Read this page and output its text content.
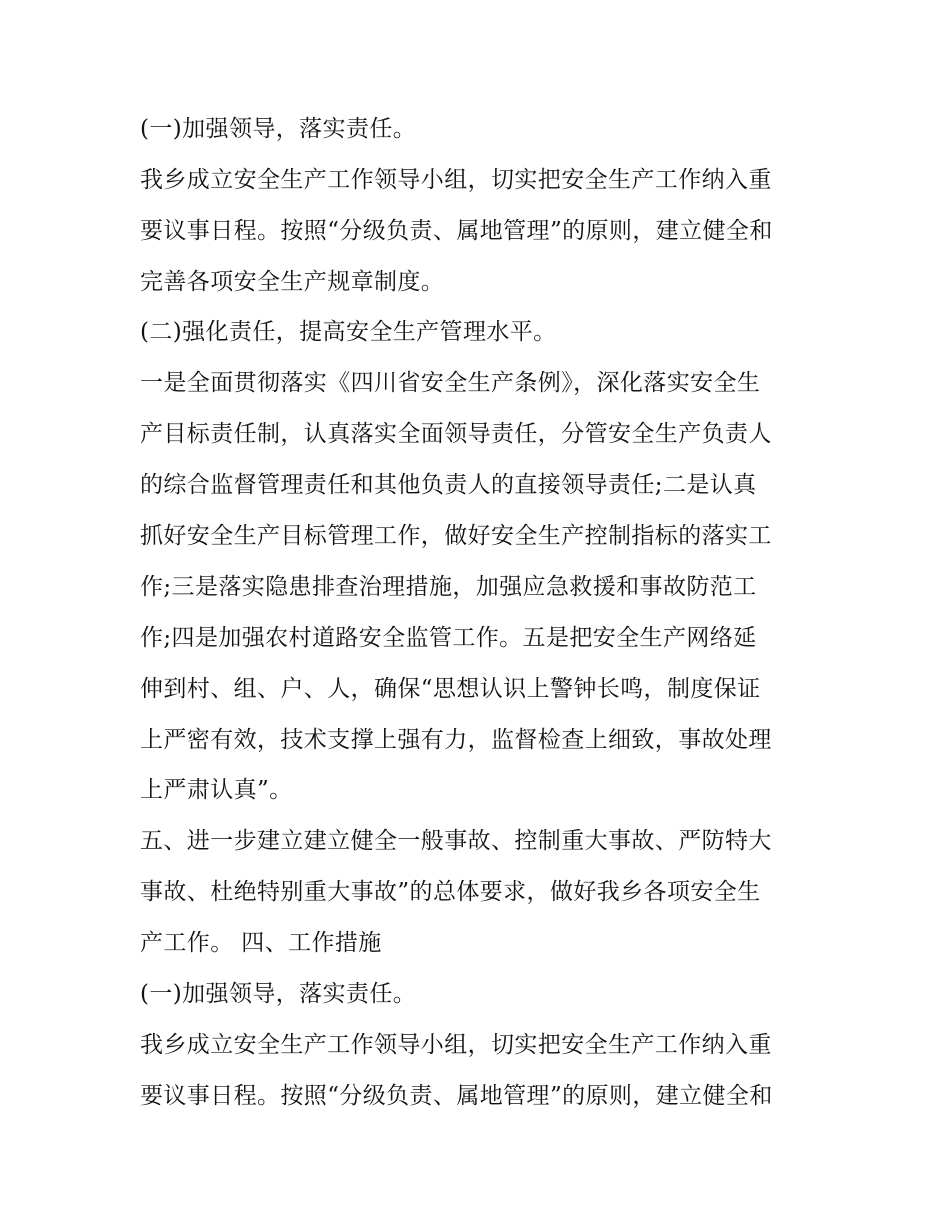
(一)加强领导，落实责任。
我乡成立安全生产工作领导小组，切实把安全生产工作纳入重
要议事日程。按照“分级负责、属地管理”的原则，建立健全和
完善各项安全生产规章制度。
(二)强化责任，提高安全生产管理水平。
一是全面贯彻落实《四川省安全生产条例》，深化落实安全生
产目标责任制，认真落实全面领导责任，分管安全生产负责人
的综合监督管理责任和其他负责人的直接领导责任;二是认真
抓好安全生产目标管理工作，做好安全生产控制指标的落实工
作;三是落实隐患排查治理措施，加强应急救援和事故防范工
作;四是加强农村道路安全监管工作。五是把安全生产网络延
伸到村、组、户、人，确保“思想认识上警钟长鸣，制度保证
上严密有效，技术支撑上强有力，监督检查上细致，事故处理
上严肃认真”。
五、进一步建立建立健全一般事故、控制重大事故、严防特大
事故、杜绝特别重大事故”的总体要求，做好我乡各项安全生
产工作。 四、工作措施
(一)加强领导，落实责任。
我乡成立安全生产工作领导小组，切实把安全生产工作纳入重
要议事日程。按照“分级负责、属地管理”的原则，建立健全和
